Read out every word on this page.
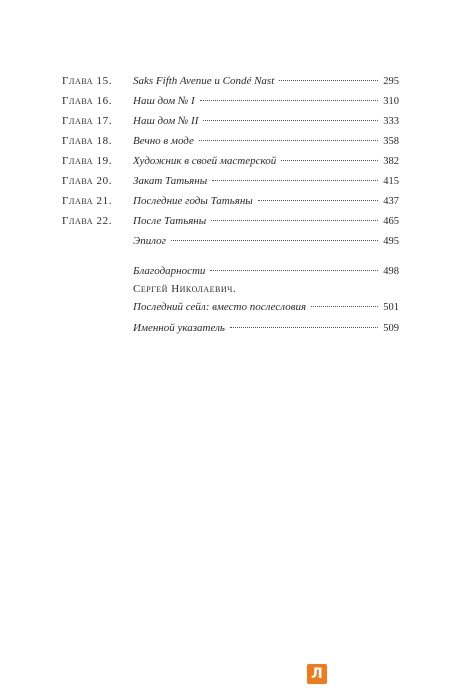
Глава 15. Saks Fifth Avenue и Condé Nast	295
Глава 16. Наш дом № I	310
Глава 17. Наш дом № II	333
Глава 18. Вечно в моде	358
Глава 19. Художник в своей мастерской	382
Глава 20. Закат Татьяны	415
Глава 21. Последние годы Татьяны	437
Глава 22. После Татьяны	465
Эпилог	495
Благодарности	498
Сергей Николаевич.
Последний сейл: вместо послесловия	501
Именной указатель	509
Л
